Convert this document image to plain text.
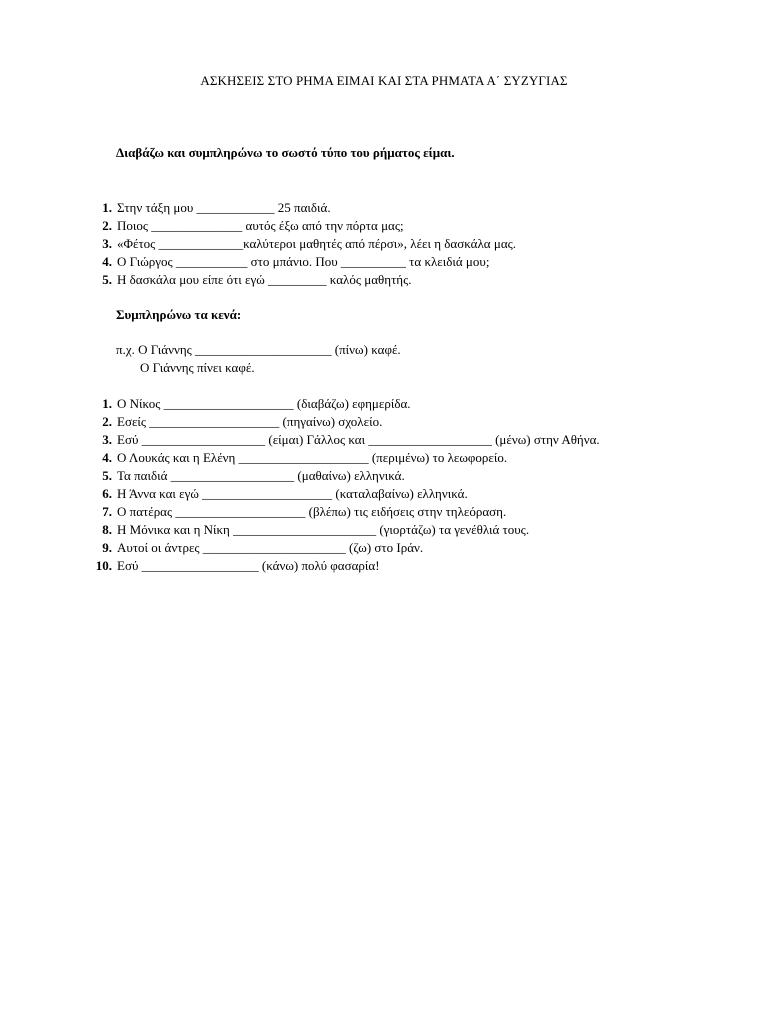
ΑΣΚΗΣΕΙΣ ΣΤΟ ΡΗΜΑ ΕΙΜΑΙ ΚΑΙ ΣΤΑ ΡΗΜΑΤΑ Α΄ ΣΥΖΥΓΙΑΣ
Διαβάζω και συμπληρώνω το σωστό τύπο του ρήματος είμαι.
1. Στην τάξη μου ____________ 25 παιδιά.
2. Ποιος ______________ αυτός έξω από την πόρτα μας;
3. «Φέτος _____________καλύτεροι μαθητές από πέρσι», λέει η δασκάλα μας.
4. Ο Γιώργος ___________ στο μπάνιο. Που __________ τα κλειδιά μου;
5. Η δασκάλα μου είπε ότι εγώ _________ καλός μαθητής.
Συμπληρώνω τα κενά:
π.χ. Ο Γιάννης _____________________ (πίνω) καφέ.
Ο Γιάννης πίνει καφέ.
1. Ο Νίκος ____________________ (διαβάζω) εφημερίδα.
2. Εσείς ____________________ (πηγαίνω) σχολείο.
3. Εσύ ___________________ (είμαι) Γάλλος και ___________________ (μένω) στην Αθήνα.
4. Ο Λουκάς και η Ελένη ____________________ (περιμένω) το λεωφορείο.
5. Τα παιδιά ___________________ (μαθαίνω) ελληνικά.
6. Η Άννα και εγώ ____________________ (καταλαβαίνω) ελληνικά.
7. Ο πατέρας ____________________ (βλέπω) τις ειδήσεις στην τηλεόραση.
8. Η Μόνικα και η Νίκη ______________________ (γιορτάζω) τα γενέθλιά τους.
9. Αυτοί οι άντρες ______________________ (ζω) στο Ιράν.
10. Εσύ __________________ (κάνω) πολύ φασαρία!
